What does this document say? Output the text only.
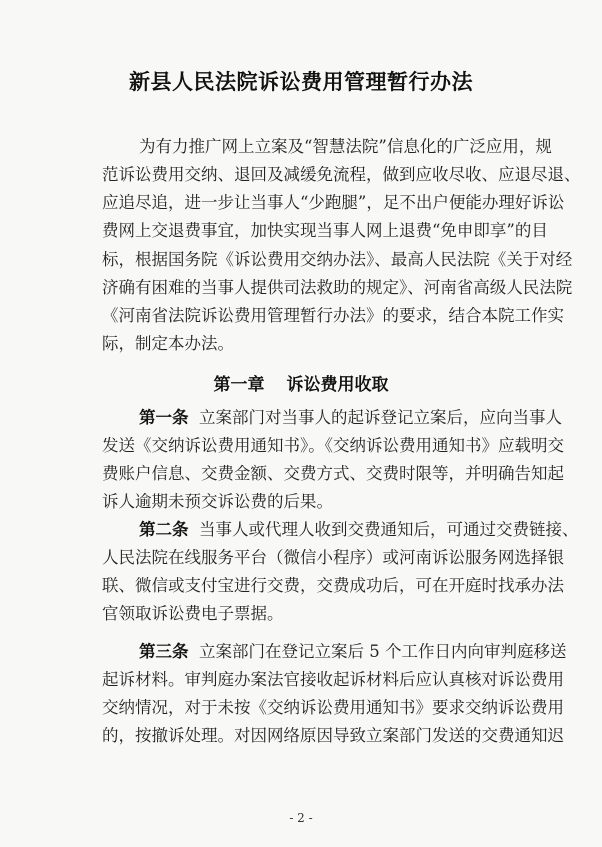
新县人民法院诉讼费用管理暂行办法
为有力推广网上立案及“智慧法院”信息化的广泛应用，规
范诉讼费用交纳、退回及减缓免流程，做到应收尽收、应退尽退、
应追尽追，进一步让当事人“少跑腿”，足不出户便能办理好诉讼
费网上交退费事宜，加快实现当事人网上退费“免申即享”的目
标，根据国务院《诉讼费用交纳办法》、最高人民法院《关于对经
济确有困难的当事人提供司法救助的规定》、河南省高级人民法院
《河南省法院诉讼费用管理暂行办法》的要求，结合本院工作实
际，制定本办法。
第一章 诉讼费用收取
第一条 立案部门对当事人的起诉登记立案后，应向当事人
发送《交纳诉讼费用通知书》。《交纳诉讼费用通知书》应载明交
费账户信息、交费金额、交费方式、交费时限等，并明确告知起
诉人逾期未预交诉讼费的后果。
第二条 当事人或代理人收到交费通知后，可通过交费链接、
人民法院在线服务平台（微信小程序）或河南诉讼服务网选择银
联、微信或支付宝进行交费，交费成功后，可在开庭时找承办法
官领取诉讼费电子票据。
第三条 立案部门在登记立案后 5 个工作日内向审判庭移送
起诉材料。审判庭办案法官接收起诉材料后应认真核对诉讼费用
交纳情况，对于未按《交纳诉讼费用通知书》要求交纳诉讼费用
的，按撤诉处理。对因网络原因导致立案部门发送的交费通知迟
- 2 -
